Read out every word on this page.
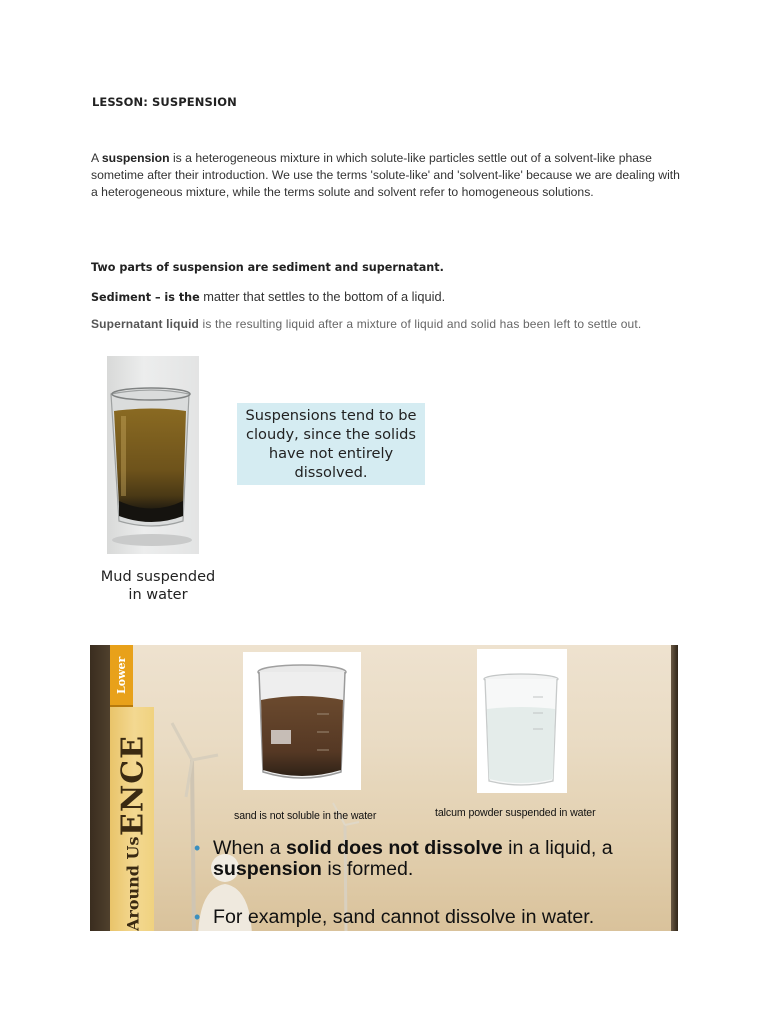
LESSON: SUSPENSION

A suspension is a heterogeneous mixture in which solute-like particles settle out of a solvent-like phase sometime after their introduction. We use the terms 'solute-like' and 'solvent-like' because we are dealing with a heterogeneous mixture, while the terms solute and solvent refer to homogeneous solutions.

Two parts of suspension are sediment and supernatant.
Sediment – is the matter that settles to the bottom of a liquid.
Supernatant liquid is the resulting liquid after a mixture of liquid and solid has been left to settle out.
Mud suspended
in water
Suspensions tend to be cloudy, since the solids have not entirely dissolved.
Lower
Around Us
ENCE	sand is not soluble in the water	talcum powder suspended in water
• When a solid does not dissolve in a liquid, a suspension is formed.
• For example, sand cannot dissolve in water.
